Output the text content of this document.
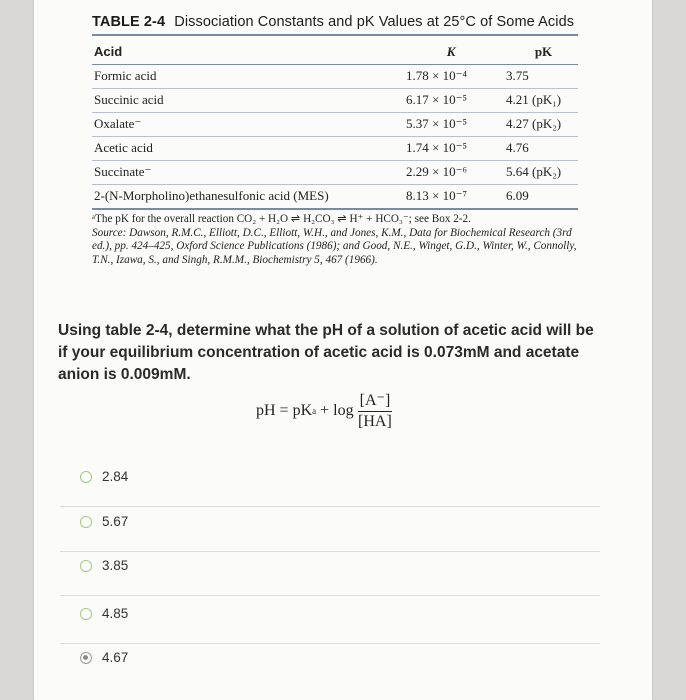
TABLE 2-4 Dissociation Constants and pK Values at 25°C of Some Acids
Acid	K	pK
Formic acid	1.78 × 10⁻⁴	3.75
Succinic acid	6.17 × 10⁻⁵	4.21 (pK₁)
Oxalate⁻	5.37 × 10⁻⁵	4.27 (pK₂)
Acetic acid	1.74 × 10⁻⁵	4.76
Succinate⁻	2.29 × 10⁻⁶	5.64 (pK₂)
2-(N-Morpholino)ethanesulfonic acid (MES)	8.13 × 10⁻⁷	6.09
ᵃThe pK for the overall reaction CO₂ + H₂O ⇌ H₂CO₃ ⇌ H⁺ + HCO₃⁻; see Box 2-2.
Source: Dawson, R.M.C., Elliott, D.C., Elliott, W.H., and Jones, K.M., Data for Biochemical Research (3rd ed.), pp. 424–425, Oxford Science Publications (1986); and Good, N.E., Winget, G.D., Winter, W., Connolly, T.N., Izawa, S., and Singh, R.M.M., Biochemistry 5, 467 (1966).
Using table 2-4, determine what the pH of a solution of acetic acid will be if your equilibrium concentration of acetic acid is 0.073mM and acetate anion is 0.009mM.
pH = pK $a + \log \frac{[A^-]}{[HA]}$
2.84
5.67
3.85
4.85
4.67
